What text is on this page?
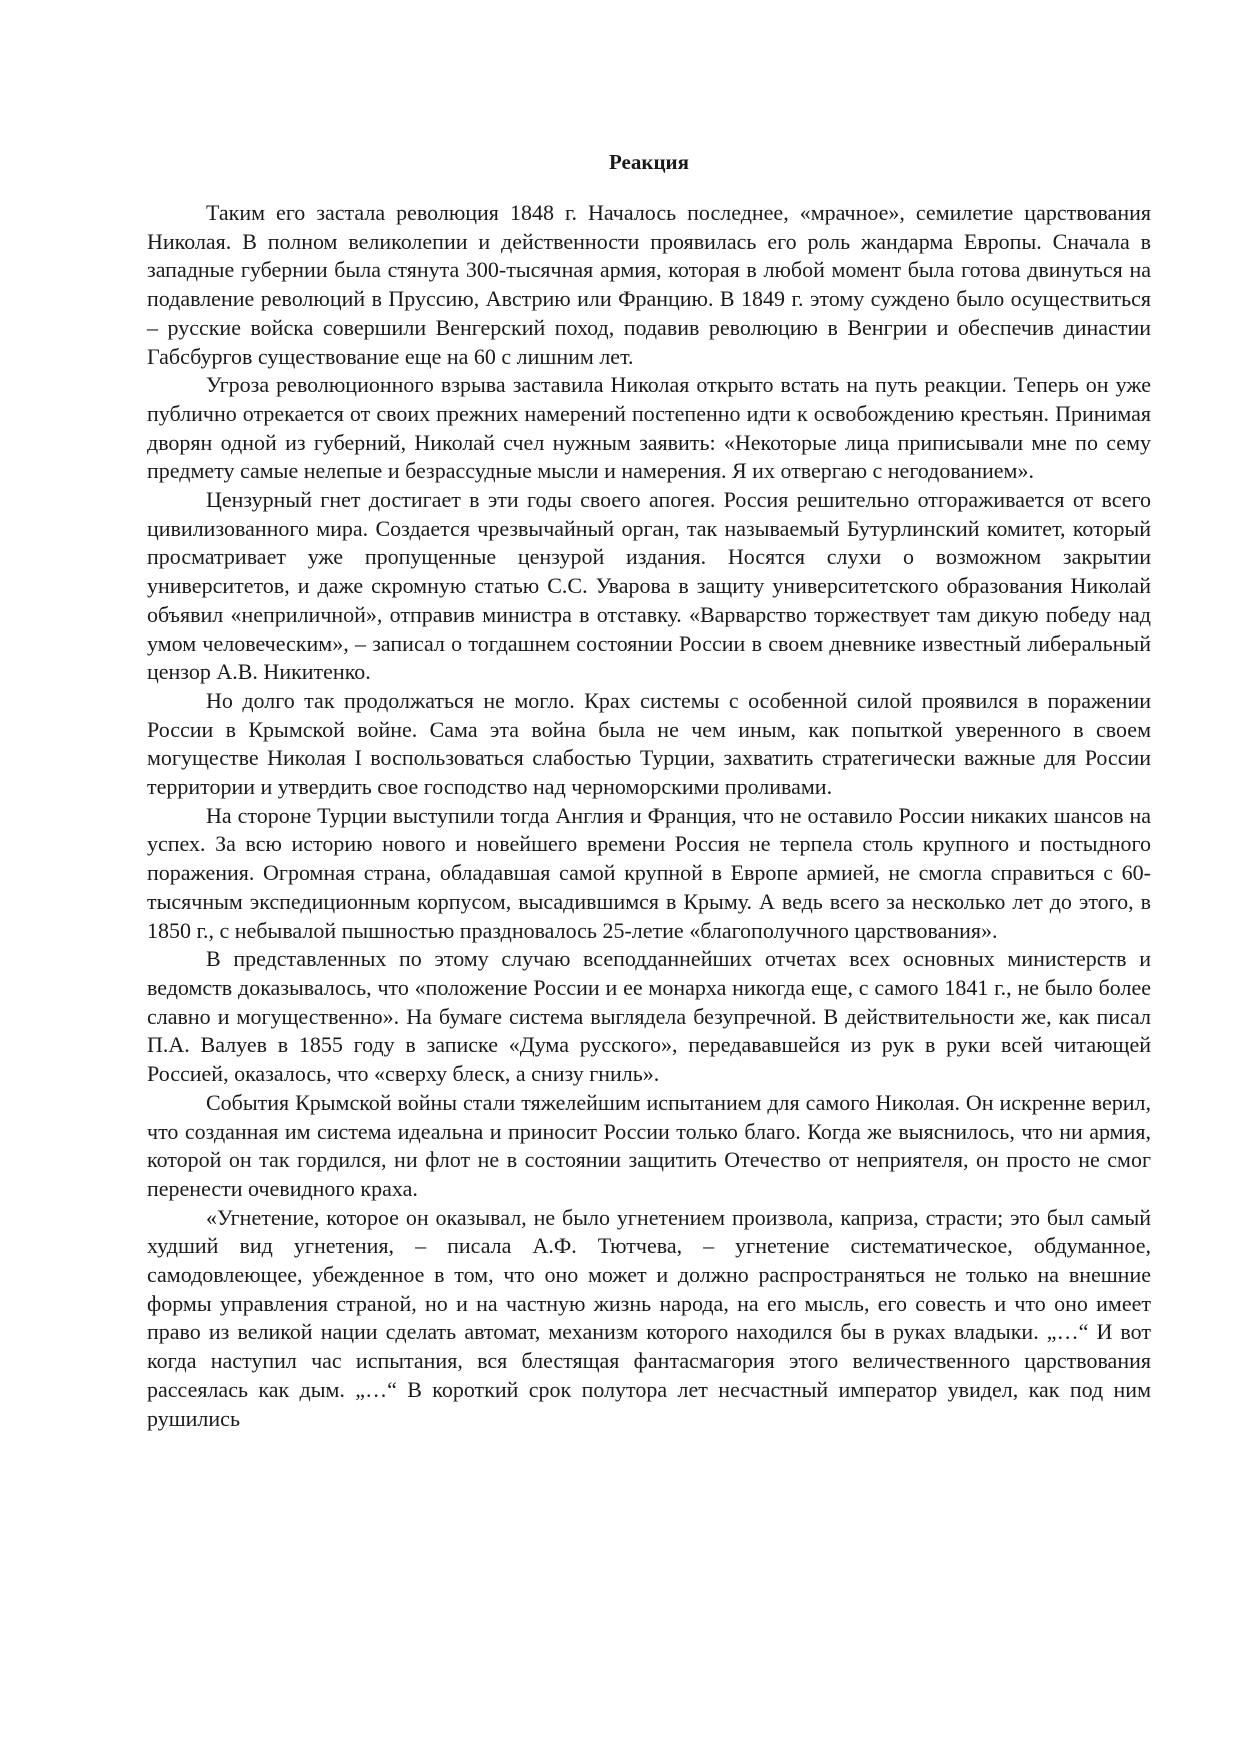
Реакция

Таким его застала революция 1848 г. Началось последнее, «мрачное», семилетие царствования Николая. В полном великолепии и действенности проявилась его роль жандарма Европы. Сначала в западные губернии была стянута 300-тысячная армия, которая в любой момент была готова двинуться на подавление революций в Пруссию, Австрию или Францию. В 1849 г. этому суждено было осуществиться – русские войска совершили Венгерский поход, подавив революцию в Венгрии и обеспечив династии Габсбургов существование еще на 60 с лишним лет.

Угроза революционного взрыва заставила Николая открыто встать на путь реакции. Теперь он уже публично отрекается от своих прежних намерений постепенно идти к освобождению крестьян. Принимая дворян одной из губерний, Николай счел нужным заявить: «Некоторые лица приписывали мне по сему предмету самые нелепые и безрассудные мысли и намерения. Я их отвергаю с негодованием».

Цензурный гнет достигает в эти годы своего апогея. Россия решительно отгораживается от всего цивилизованного мира. Создается чрезвычайный орган, так называемый Бутурлинский комитет, который просматривает уже пропущенные цензурой издания. Носятся слухи о возможном закрытии университетов, и даже скромную статью С.С. Уварова в защиту университетского образования Николай объявил «неприличной», отправив министра в отставку. «Варварство торжествует там дикую победу над умом человеческим», – записал о тогдашнем состоянии России в своем дневнике известный либеральный цензор А.В. Никитенко.

Но долго так продолжаться не могло. Крах системы с особенной силой проявился в поражении России в Крымской войне. Сама эта война была не чем иным, как попыткой уверенного в своем могуществе Николая I воспользоваться слабостью Турции, захватить стратегически важные для России территории и утвердить свое господство над черноморскими проливами.

На стороне Турции выступили тогда Англия и Франция, что не оставило России никаких шансов на успех. За всю историю нового и новейшего времени Россия не терпела столь крупного и постыдного поражения. Огромная страна, обладавшая самой крупной в Европе армией, не смогла справиться с 60-тысячным экспедиционным корпусом, высадившимся в Крыму. А ведь всего за несколько лет до этого, в 1850 г., с небывалой пышностью праздновалось 25-летие «благополучного царствования».

В представленных по этому случаю всеподданнейших отчетах всех основных министерств и ведомств доказывалось, что «положение России и ее монарха никогда еще, с самого 1841 г., не было более славно и могущественно». На бумаге система выглядела безупречной. В действительности же, как писал П.А. Валуев в 1855 году в записке «Дума русского», передававшейся из рук в руки всей читающей Россией, оказалось, что «сверху блеск, а снизу гниль».

События Крымской войны стали тяжелейшим испытанием для самого Николая. Он искренне верил, что созданная им система идеальна и приносит России только благо. Когда же выяснилось, что ни армия, которой он так гордился, ни флот не в состоянии защитить Отечество от неприятеля, он просто не смог перенести очевидного краха.

«Угнетение, которое он оказывал, не было угнетением произвола, каприза, страсти; это был самый худший вид угнетения, – писала А.Ф. Тютчева, – угнетение систематическое, обдуманное, самодовлеющее, убежденное в том, что оно может и должно распространяться не только на внешние формы управления страной, но и на частную жизнь народа, на его мысль, его совесть и что оно имеет право из великой нации сделать автомат, механизм которого находился бы в руках владыки. „…“ И вот когда наступил час испытания, вся блестящая фантасмагория этого величественного царствования рассеялась как дым. „…“ В короткий срок полутора лет несчастный император увидел, как под ним рушились
